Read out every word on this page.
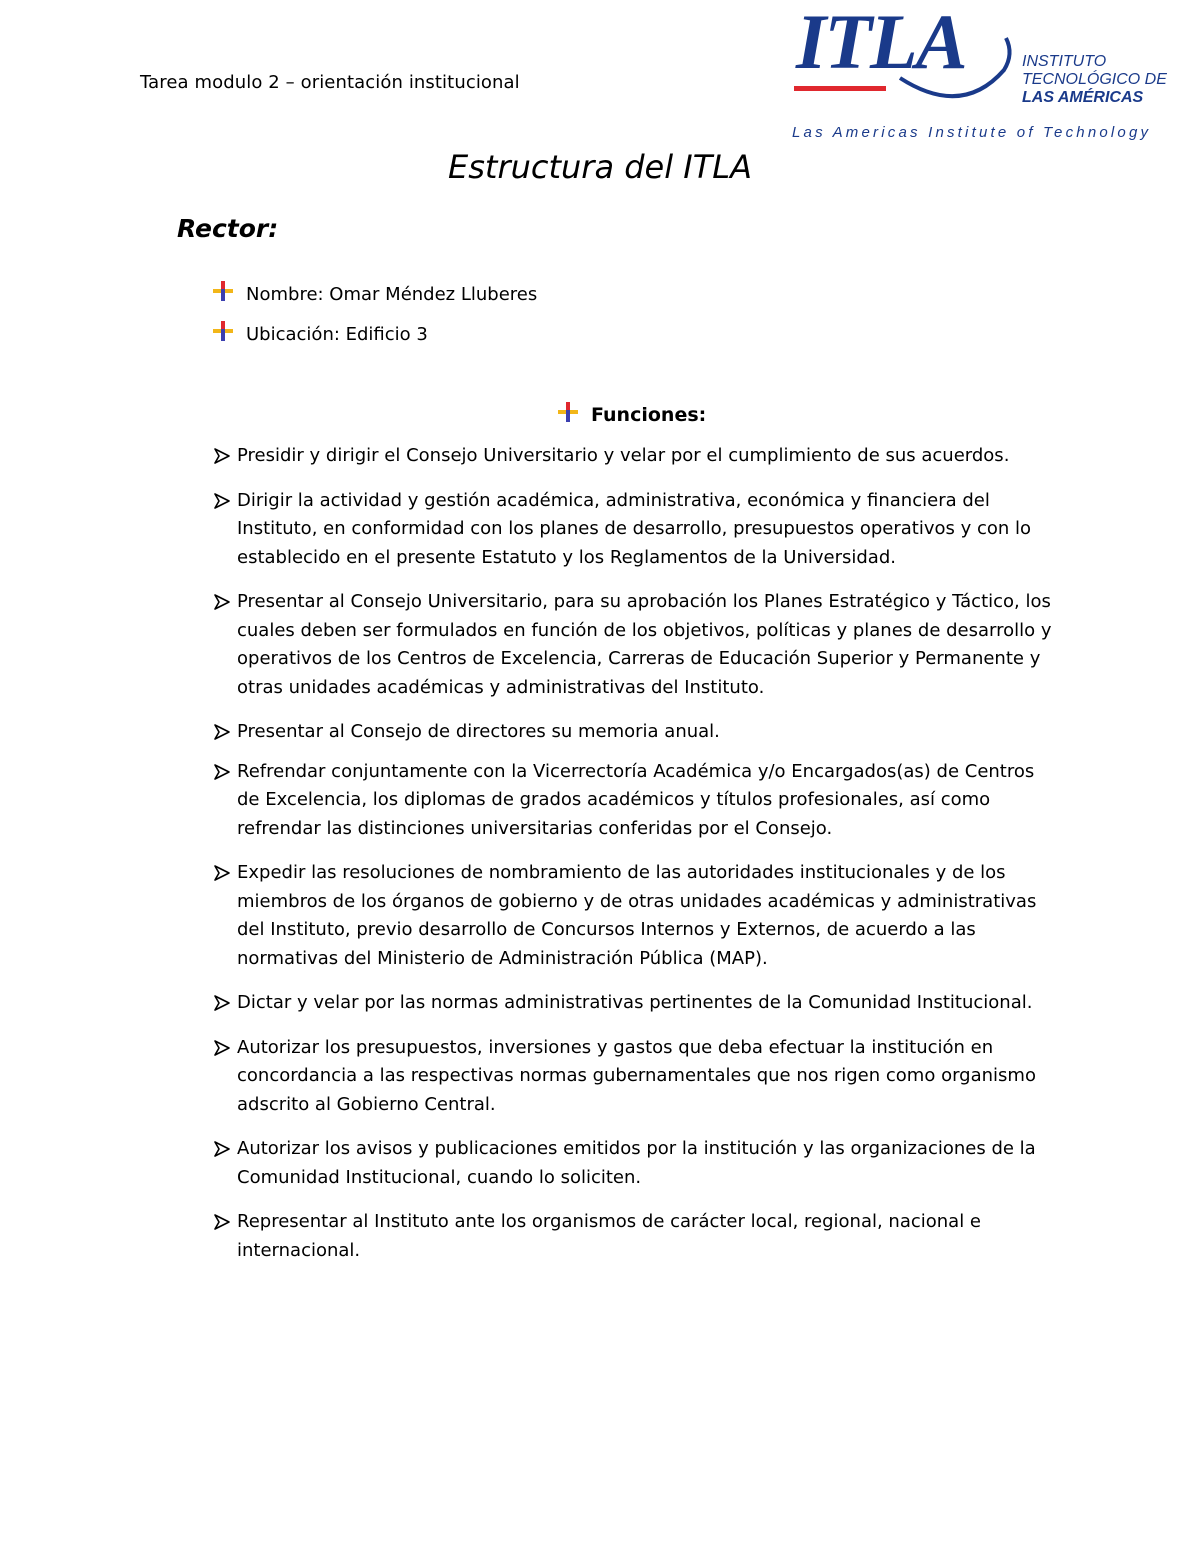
Tarea modulo 2 – orientación institucional	ITLA	INSTITUTO
TECNOLÓGICO DE
LAS AMÉRICAS
Las Americas Institute of Technology
Estructura del ITLA
Rector:
Nombre: Omar Méndez Lluberes
Ubicación: Edificio 3
Funciones:
Presidir y dirigir el Consejo Universitario y velar por el cumplimiento de sus acuerdos.
Dirigir la actividad y gestión académica, administrativa, económica y financiera del Instituto, en conformidad con los planes de desarrollo, presupuestos operativos y con lo establecido en el presente Estatuto y los Reglamentos de la Universidad.
Presentar al Consejo Universitario, para su aprobación los Planes Estratégico y Táctico, los cuales deben ser formulados en función de los objetivos, políticas y planes de desarrollo y operativos de los Centros de Excelencia, Carreras de Educación Superior y Permanente y otras unidades académicas y administrativas del Instituto.
Presentar al Consejo de directores su memoria anual.
Refrendar conjuntamente con la Vicerrectoría Académica y/o Encargados(as) de Centros de Excelencia, los diplomas de grados académicos y títulos profesionales, así como refrendar las distinciones universitarias conferidas por el Consejo.
Expedir las resoluciones de nombramiento de las autoridades institucionales y de los miembros de los órganos de gobierno y de otras unidades académicas y administrativas del Instituto, previo desarrollo de Concursos Internos y Externos, de acuerdo a las normativas del Ministerio de Administración Pública (MAP).
Dictar y velar por las normas administrativas pertinentes de la Comunidad Institucional.
Autorizar los presupuestos, inversiones y gastos que deba efectuar la institución en concordancia a las respectivas normas gubernamentales que nos rigen como organismo adscrito al Gobierno Central.
Autorizar los avisos y publicaciones emitidos por la institución y las organizaciones de la Comunidad Institucional, cuando lo soliciten.
Representar al Instituto ante los organismos de carácter local, regional, nacional e internacional.
